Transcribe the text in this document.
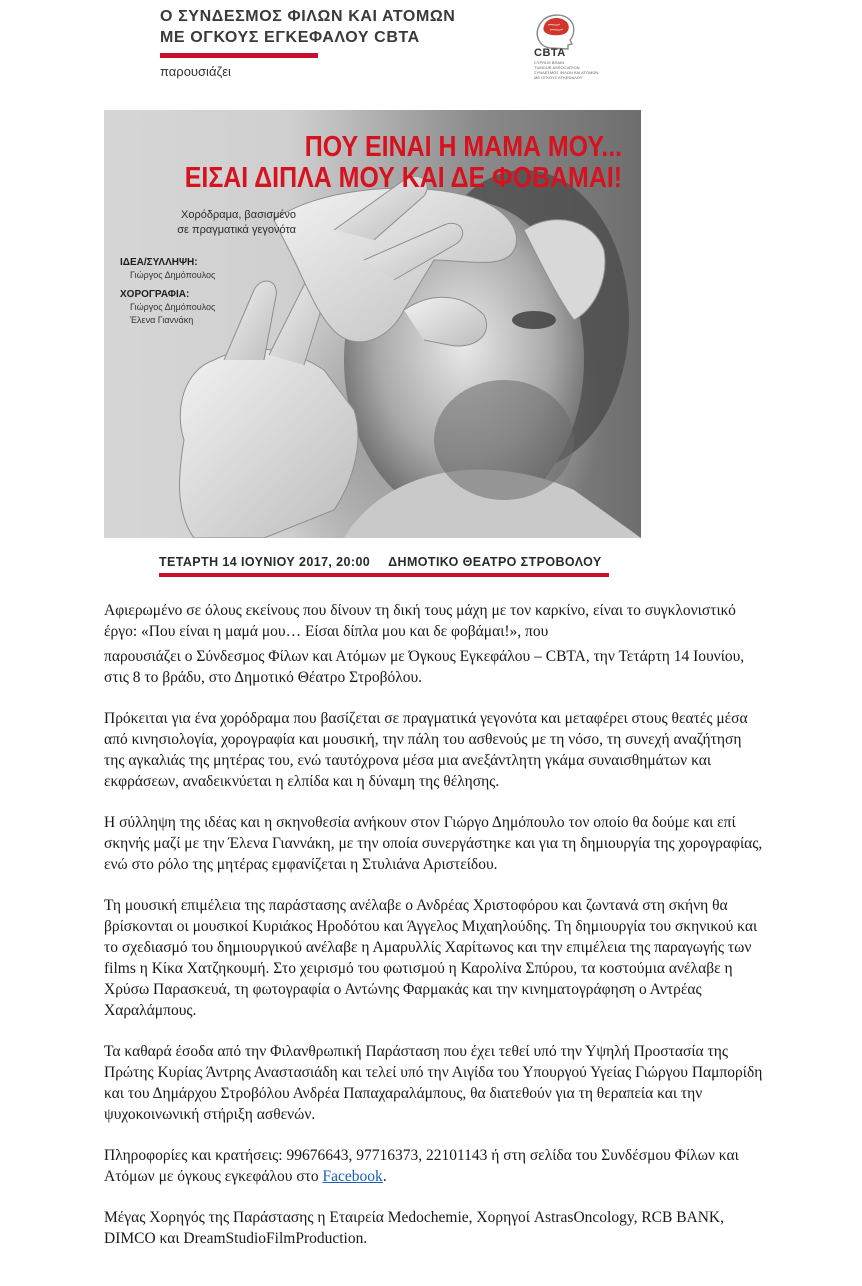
Ο ΣΥΝΔΕΣΜΟΣ ΦΙΛΩΝ ΚΑΙ ΑΤΟΜΩΝ
ΜΕ ΟΓΚΟΥΣ ΕΓΚΕΦΑΛΟΥ CBTA
παρουσιάζει
CBTA
CYPRUS BRAIN
TUMOUR ASSOCIATION
ΣΥΝΔΕΣΜΟΣ ΦΙΛΩΝ ΚΑΙ ΑΤΟΜΩΝ
ΜΕ ΟΓΚΟΥΣ ΕΓΚΕΦΑΛΟΥ
ΠΟΥ ΕΙΝΑΙ Η ΜΑΜΑ ΜΟΥ...
ΕΙΣΑΙ ΔΙΠΛΑ ΜΟΥ ΚΑΙ ΔΕ ΦΟΒΑΜΑΙ!
Χορόδραμα, βασισμένο
σε πραγματικά γεγονότα
ΙΔΕΑ/ΣΥΛΛΗΨΗ:
Γιώργος Δημόπουλος
ΧΟΡΟΓΡΑΦΙΑ:
Γιώργος Δημόπουλος
Έλενα Γιαννάκη
ΤΕΤΑΡΤΗ 14 ΙΟΥΝΙΟΥ 2017, 20:00 ΔΗΜΟΤΙΚΟ ΘΕΑΤΡΟ ΣΤΡΟΒΟΛΟΥ

Αφιερωμένο σε όλους εκείνους που δίνουν τη δική τους μάχη με τον καρκίνο, είναι το συγκλονιστικό έργο: «Που είναι η μαμά μου… Είσαι δίπλα μου και δε φοβάμαι!», που

παρουσιάζει ο Σύνδεσμος Φίλων και Ατόμων με Όγκους Εγκεφάλου – CBTA, την Τετάρτη 14 Ιουνίου, στις 8 το βράδυ, στο Δημοτικό Θέατρο Στροβόλου.

Πρόκειται για ένα χορόδραμα που βασίζεται σε πραγματικά γεγονότα και μεταφέρει στους θεατές μέσα από κινησιολογία, χορογραφία και μουσική, την πάλη του ασθενούς με τη νόσο, τη συνεχή αναζήτηση της αγκαλιάς της μητέρας του, ενώ ταυτόχρονα μέσα μια ανεξάντλητη γκάμα συναισθημάτων και εκφράσεων, αναδεικνύεται η ελπίδα και η δύναμη της θέλησης.

Η σύλληψη της ιδέας και η σκηνοθεσία ανήκουν στον Γιώργο Δημόπουλο τον οποίο θα δούμε και επί σκηνής μαζί με την Έλενα Γιαννάκη, με την οποία συνεργάστηκε και για τη δημιουργία της χορογραφίας, ενώ στο ρόλο της μητέρας εμφανίζεται η Στυλιάνα Αριστείδου.

Τη μουσική επιμέλεια της παράστασης ανέλαβε ο Ανδρέας Χριστοφόρου και ζωντανά στη σκήνη θα βρίσκονται οι μουσικοί Κυριάκος Ηροδότου και Άγγελος Μιχαηλούδης. Τη δημιουργία του σκηνικού και το σχεδιασμό του δημιουργικού ανέλαβε η Αμαρυλλίς Χαρίτωνος και την επιμέλεια της παραγωγής των films η Κίκα Χατζηκουμή. Στο χειρισμό του φωτισμού η Καρολίνα Σπύρου, τα κοστούμια ανέλαβε η Χρύσω Παρασκευά, τη φωτογραφία ο Αντώνης Φαρμακάς και την κινηματογράφηση ο Αντρέας Χαραλάμπους.

Τα καθαρά έσοδα από την Φιλανθρωπική Παράσταση που έχει τεθεί υπό την Υψηλή Προστασία της Πρώτης Κυρίας Άντρης Αναστασιάδη και τελεί υπό την Αιγίδα του Υπουργού Υγείας Γιώργου Παμπορίδη και του Δημάρχου Στροβόλου Ανδρέα Παπαχαραλάμπους, θα διατεθούν για τη θεραπεία και την ψυχοκοινωνική στήριξη ασθενών.

Πληροφορίες και κρατήσεις: 99676643, 97716373, 22101143 ή στη σελίδα του Συνδέσμου Φίλων και Ατόμων με όγκους εγκεφάλου στο Facebook.

Μέγας Χορηγός της Παράστασης η Εταιρεία Medochemie, Χορηγοί AstrasOncology, RCB BANK, DIMCO και DreamStudioFilmProduction.
